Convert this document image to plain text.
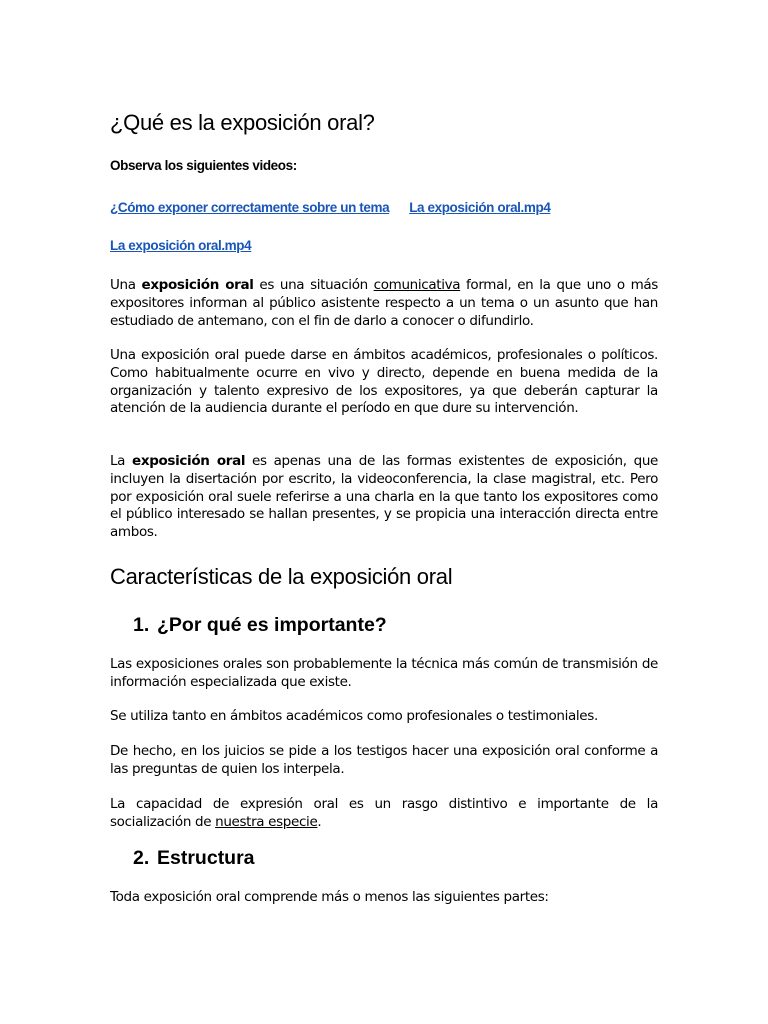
¿Qué es la exposición oral?

Observa los siguientes videos:

¿Cómo exponer correctamente sobre un tema La exposición oral.mp4
La exposición oral.mp4

Una exposición oral es una situación comunicativa formal, en la que uno o más expositores informan al público asistente respecto a un tema o un asunto que han estudiado de antemano, con el fin de darlo a conocer o difundirlo.

Una exposición oral puede darse en ámbitos académicos, profesionales o políticos. Como habitualmente ocurre en vivo y directo, depende en buena medida de la organización y talento expresivo de los expositores, ya que deberán capturar la atención de la audiencia durante el período en que dure su intervención.

La exposición oral es apenas una de las formas existentes de exposición, que incluyen la disertación por escrito, la videoconferencia, la clase magistral, etc. Pero por exposición oral suele referirse a una charla en la que tanto los expositores como el público interesado se hallan presentes, y se propicia una interacción directa entre ambos.

Características de la exposición oral
1. ¿Por qué es importante?

Las exposiciones orales son probablemente la técnica más común de transmisión de información especializada que existe.

Se utiliza tanto en ámbitos académicos como profesionales o testimoniales.

De hecho, en los juicios se pide a los testigos hacer una exposición oral conforme a las preguntas de quien los interpela.

La capacidad de expresión oral es un rasgo distintivo e importante de la socialización de nuestra especie.

2. Estructura

Toda exposición oral comprende más o menos las siguientes partes:
